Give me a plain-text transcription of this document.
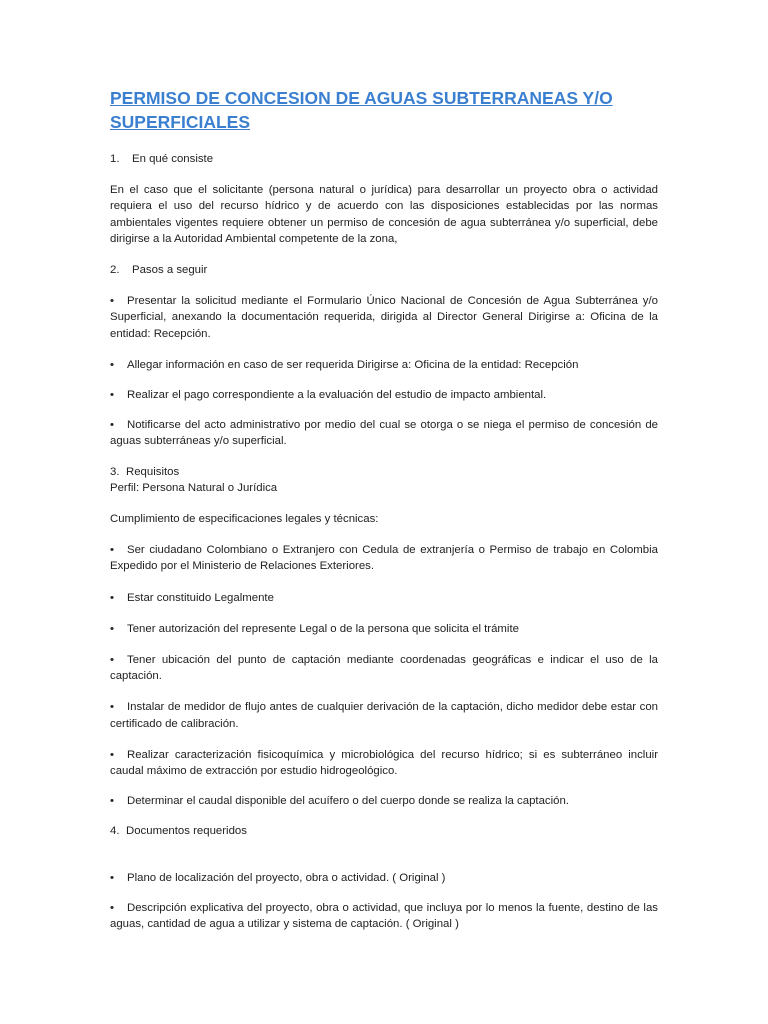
PERMISO DE CONCESION DE AGUAS SUBTERRANEAS Y/O SUPERFICIALES

1. En qué consiste

En el caso que el solicitante (persona natural o jurídica) para desarrollar un proyecto obra o actividad requiera el uso del recurso hídrico y de acuerdo con las disposiciones establecidas por las normas ambientales vigentes requiere obtener un permiso de concesión de agua subterránea y/o superficial, debe dirigirse a la Autoridad Ambiental competente de la zona,

2. Pasos a seguir

• Presentar la solicitud mediante el Formulario Único Nacional de Concesión de Agua Subterránea y/o Superficial, anexando la documentación requerida, dirigida al Director General Dirigirse a: Oficina de la entidad: Recepción.

• Allegar información en caso de ser requerida Dirigirse a: Oficina de la entidad: Recepción

• Realizar el pago correspondiente a la evaluación del estudio de impacto ambiental.

• Notificarse del acto administrativo por medio del cual se otorga o se niega el permiso de concesión de aguas subterráneas y/o superficial.

3. Requisitos

Perfil: Persona Natural o Jurídica

Cumplimiento de especificaciones legales y técnicas:

• Ser ciudadano Colombiano o Extranjero con Cedula de extranjería o Permiso de trabajo en Colombia Expedido por el Ministerio de Relaciones Exteriores.

• Estar constituido Legalmente

• Tener autorización del represente Legal o de la persona que solicita el trámite

• Tener ubicación del punto de captación mediante coordenadas geográficas e indicar el uso de la captación.

• Instalar de medidor de flujo antes de cualquier derivación de la captación, dicho medidor debe estar con certificado de calibración.

• Realizar caracterización fisicoquímica y microbiológica del recurso hídrico; si es subterráneo incluir caudal máximo de extracción por estudio hidrogeológico.

• Determinar el caudal disponible del acuífero o del cuerpo donde se realiza la captación.

4. Documentos requeridos

• Plano de localización del proyecto, obra o actividad. ( Original )

• Descripción explicativa del proyecto, obra o actividad, que incluya por lo menos la fuente, destino de las aguas, cantidad de agua a utilizar y sistema de captación. ( Original )
